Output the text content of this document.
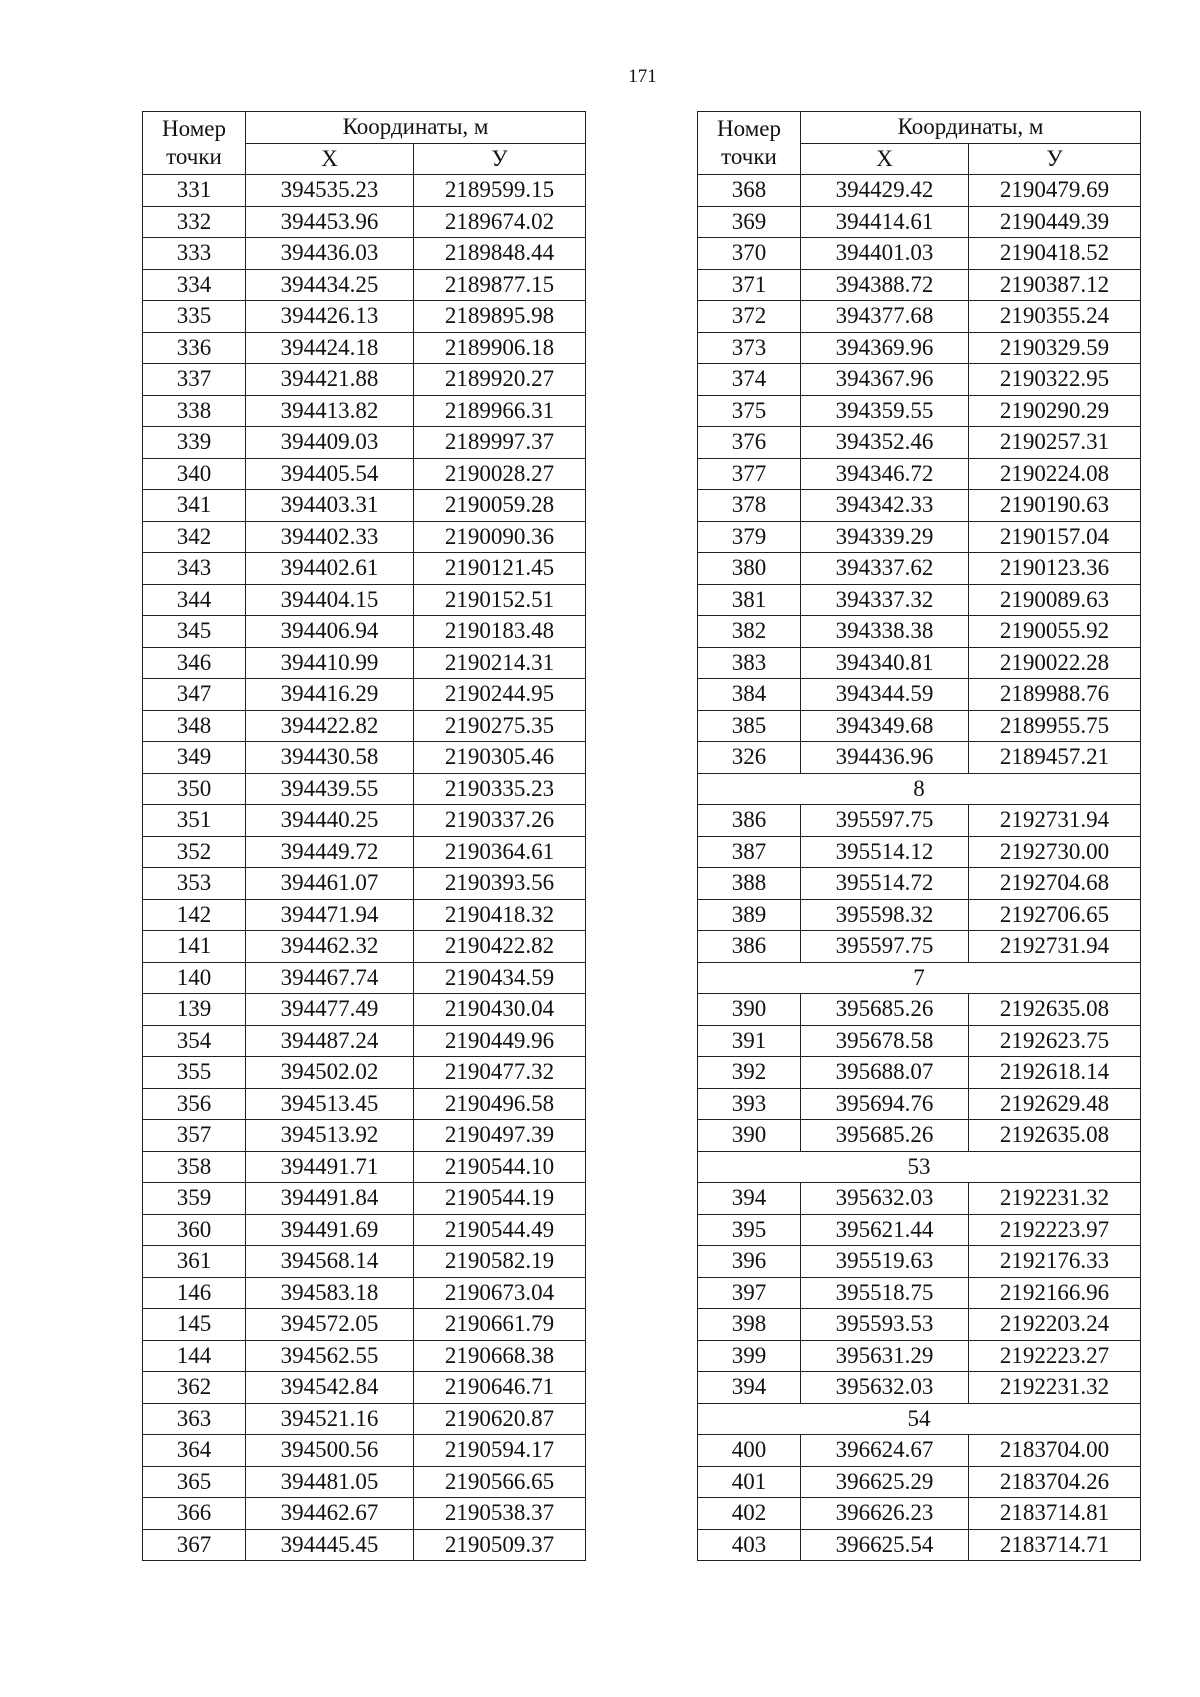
171
Номер точки	Координаты, м	
	X	У
331	394535.23	2189599.15
332	394453.96	2189674.02
333	394436.03	2189848.44
334	394434.25	2189877.15
335	394426.13	2189895.98
336	394424.18	2189906.18
337	394421.88	2189920.27
338	394413.82	2189966.31
339	394409.03	2189997.37
340	394405.54	2190028.27
341	394403.31	2190059.28
342	394402.33	2190090.36
343	394402.61	2190121.45
344	394404.15	2190152.51
345	394406.94	2190183.48
346	394410.99	2190214.31
347	394416.29	2190244.95
348	394422.82	2190275.35
349	394430.58	2190305.46
350	394439.55	2190335.23
351	394440.25	2190337.26
352	394449.72	2190364.61
353	394461.07	2190393.56
142	394471.94	2190418.32
141	394462.32	2190422.82
140	394467.74	2190434.59
139	394477.49	2190430.04
354	394487.24	2190449.96
355	394502.02	2190477.32
356	394513.45	2190496.58
357	394513.92	2190497.39
358	394491.71	2190544.10
359	394491.84	2190544.19
360	394491.69	2190544.49
361	394568.14	2190582.19
146	394583.18	2190673.04
145	394572.05	2190661.79
144	394562.55	2190668.38
362	394542.84	2190646.71
363	394521.16	2190620.87
364	394500.56	2190594.17
365	394481.05	2190566.65
366	394462.67	2190538.37
367	394445.45	2190509.37
Номер точки	Координаты, м	
	X	У
368	394429.42	2190479.69
369	394414.61	2190449.39
370	394401.03	2190418.52
371	394388.72	2190387.12
372	394377.68	2190355.24
373	394369.96	2190329.59
374	394367.96	2190322.95
375	394359.55	2190290.29
376	394352.46	2190257.31
377	394346.72	2190224.08
378	394342.33	2190190.63
379	394339.29	2190157.04
380	394337.62	2190123.36
381	394337.32	2190089.63
382	394338.38	2190055.92
383	394340.81	2190022.28
384	394344.59	2189988.76
385	394349.68	2189955.75
326	394436.96	2189457.21
8		
386	395597.75	2192731.94
387	395514.12	2192730.00
388	395514.72	2192704.68
389	395598.32	2192706.65
386	395597.75	2192731.94
7		
390	395685.26	2192635.08
391	395678.58	2192623.75
392	395688.07	2192618.14
393	395694.76	2192629.48
390	395685.26	2192635.08
53		
394	395632.03	2192231.32
395	395621.44	2192223.97
396	395519.63	2192176.33
397	395518.75	2192166.96
398	395593.53	2192203.24
399	395631.29	2192223.27
394	395632.03	2192231.32
54		
400	396624.67	2183704.00
401	396625.29	2183704.26
402	396626.23	2183714.81
403	396625.54	2183714.71
